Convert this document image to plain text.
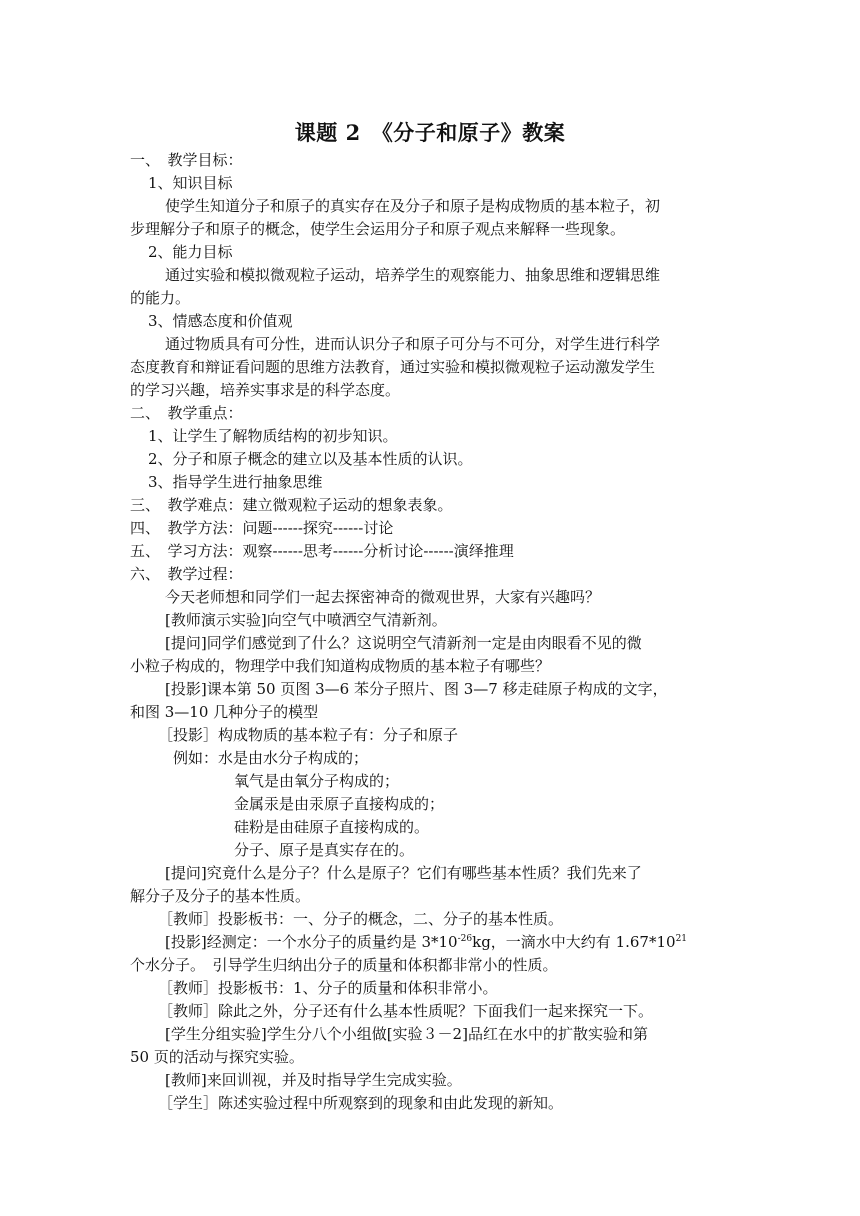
课题 2　《分子和原子》教案
一、　教学目标：
1、知识目标
使学生知道分子和原子的真实存在及分子和原子是构成物质的基本粒子，初
步理解分子和原子的概念，使学生会运用分子和原子观点来解释一些现象。
2、能力目标
通过实验和模拟微观粒子运动，培养学生的观察能力、抽象思维和逻辑思维
的能力。
3、情感态度和价值观
通过物质具有可分性，进而认识分子和原子可分与不可分，对学生进行科学
态度教育和辩证看问题的思维方法教育，通过实验和模拟微观粒子运动激发学生
的学习兴趣，培养实事求是的科学态度。
二、　教学重点：
1、让学生了解物质结构的初步知识。
2、分子和原子概念的建立以及基本性质的认识。
3、指导学生进行抽象思维
三、　教学难点：建立微观粒子运动的想象表象。
四、　教学方法：问题------探究------讨论
五、　学习方法：观察------思考------分析讨论------演绎推理
六、　教学过程：
今天老师想和同学们一起去探密神奇的微观世界，大家有兴趣吗？
[教师演示实验]向空气中喷洒空气清新剂。
[提问]同学们感觉到了什么？这说明空气清新剂一定是由肉眼看不见的微
小粒子构成的，物理学中我们知道构成物质的基本粒子有哪些？
[投影]课本第 50 页图 3—6 苯分子照片、图 3—7 移走硅原子构成的文字，
和图 3—10 几种分子的模型
［投影］构成物质的基本粒子有：分子和原子
例如：水是由水分子构成的；
氧气是由氧分子构成的；
金属汞是由汞原子直接构成的；
硅粉是由硅原子直接构成的。
分子、原子是真实存在的。
[提问]究竟什么是分子？什么是原子？它们有哪些基本性质？我们先来了
解分子及分子的基本性质。
［教师］投影板书：一、分子的概念，二、分子的基本性质。
[投影]经测定：一个水分子的质量约是 $3*10^{-26}kg$，一滴水中大约有 $1.67*10^{21}$
个水分子。　引导学生归纳出分子的质量和体积都非常小的性质。
［教师］投影板书：1、分子的质量和体积非常小。
［教师］除此之外，分子还有什么基本性质呢？下面我们一起来探究一下。
[学生分组实验]学生分八个小组做[实验３－2]品红在水中的扩散实验和第
50 页的活动与探究实验。
[教师]来回训视，并及时指导学生完成实验。
［学生］陈述实验过程中所观察到的现象和由此发现的新知。
